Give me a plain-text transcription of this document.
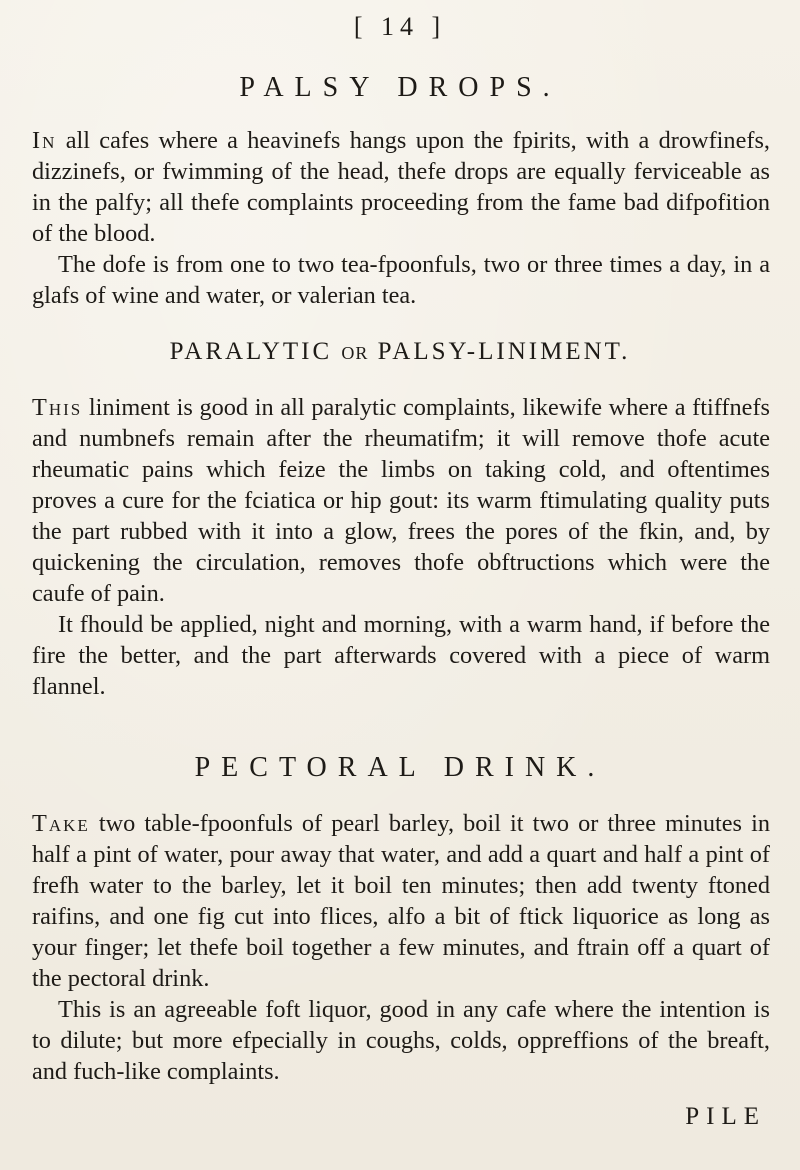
[ 14 ]
PALSY DROPS.

In all cafes where a heavinefs hangs upon the fpirits, with a drowfinefs, dizzinefs, or fwimming of the head, thefe drops are equally ferviceable as in the palfy; all thefe complaints proceeding from the fame bad difpofition of the blood.

The dofe is from one to two tea-fpoonfuls, two or three times a day, in a glafs of wine and water, or valerian tea.

PARALYTIC OR PALSY-LINIMENT.

This liniment is good in all paralytic complaints, likewife where a ftiffnefs and numbnefs remain after the rheumatifm; it will remove thofe acute rheumatic pains which feize the limbs on taking cold, and oftentimes proves a cure for the fciatica or hip gout: its warm ftimulating quality puts the part rubbed with it into a glow, frees the pores of the fkin, and, by quickening the circulation, removes thofe obftructions which were the caufe of pain.

It fhould be applied, night and morning, with a warm hand, if before the fire the better, and the part afterwards covered with a piece of warm flannel.

PECTORAL DRINK.

Take two table-fpoonfuls of pearl barley, boil it two or three minutes in half a pint of water, pour away that water, and add a quart and half a pint of frefh water to the barley, let it boil ten minutes; then add twenty ftoned raifins, and one fig cut into flices, alfo a bit of ftick liquorice as long as your finger; let thefe boil together a few minutes, and ftrain off a quart of the pectoral drink.

This is an agreeable foft liquor, good in any cafe where the intention is to dilute; but more efpecially in coughs, colds, oppreffions of the breaft, and fuch-like complaints.

PILE
